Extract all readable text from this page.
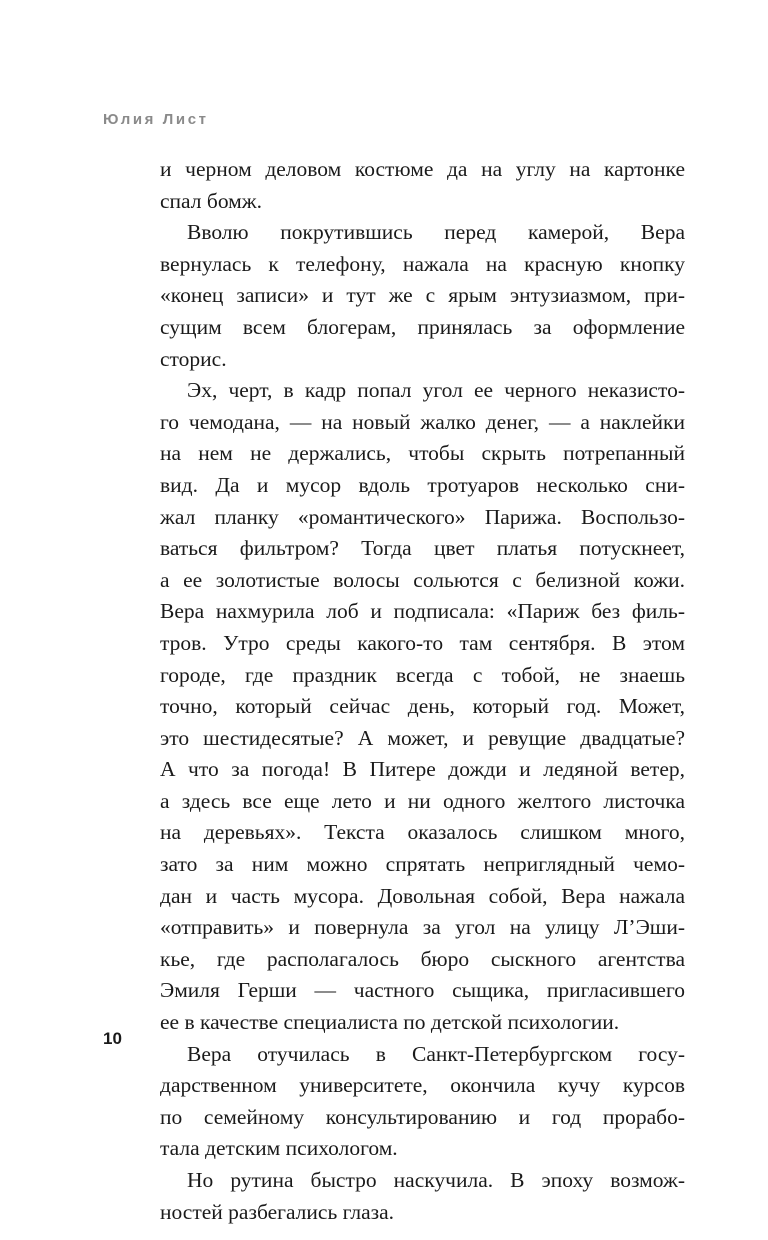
Юлия Лист
и черном деловом костюме да на углу на картонке
спал бомж.
Вволю покрутившись перед камерой, Вера
вернулась к телефону, нажала на красную кнопку
«конец записи» и тут же с ярым энтузиазмом, при-
сущим всем блогерам, принялась за оформление
сторис.
Эх, черт, в кадр попал угол ее черного неказисто-
го чемодана, — на новый жалко денег, — а наклейки
на нем не держались, чтобы скрыть потрепанный
вид. Да и мусор вдоль тротуаров несколько сни-
жал планку «романтического» Парижа. Воспользо-
ваться фильтром? Тогда цвет платья потускнеет,
а ее золотистые волосы сольются с белизной кожи.
Вера нахмурила лоб и подписала: «Париж без филь-
тров. Утро среды какого-то там сентября. В этом
городе, где праздник всегда с тобой, не знаешь
точно, который сейчас день, который год. Может,
это шестидесятые? А может, и ревущие двадцатые?
А что за погода! В Питере дожди и ледяной ветер,
а здесь все еще лето и ни одного желтого листочка
на деревьях». Текста оказалось слишком много,
зато за ним можно спрятать неприглядный чемо-
дан и часть мусора. Довольная собой, Вера нажала
«отправить» и повернула за угол на улицу Л’Эши-
кье, где располагалось бюро сыскного агентства
Эмиля Герши — частного сыщика, пригласившего
ее в качестве специалиста по детской психологии.
Вера отучилась в Санкт-Петербургском госу-
дарственном университете, окончила кучу курсов
по семейному консультированию и год прорабо-
тала детским психологом.
Но рутина быстро наскучила. В эпоху возмож-
ностей разбегались глаза.
10
